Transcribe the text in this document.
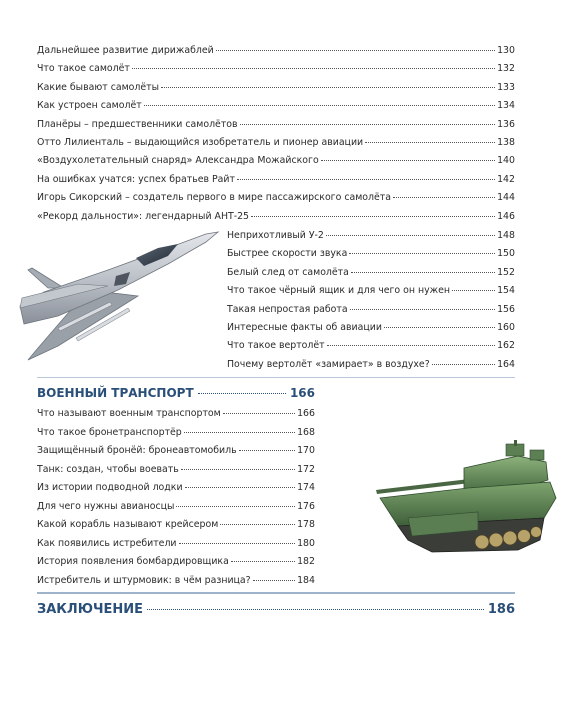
Дальнейшее развитие дирижаблей	130
Что такое самолёт	132
Какие бывают самолёты	133
Как устроен самолёт	134
Планёры – предшественники самолётов	136
Отто Лилиенталь – выдающийся изобретатель и пионер авиации	138
«Воздухолетательный снаряд» Александра Можайского	140
На ошибках учатся: успех братьев Райт	142
Игорь Сикорский – создатель первого в мире пассажирского самолёта	144
«Рекорд дальности»: легендарный АНТ-25	146
Неприхотливый У-2	148
Быстрее скорости звука	150
Белый след от самолёта	152
Что такое чёрный ящик и для чего он нужен	154
Такая непростая работа	156
Интересные факты об авиации	160
Что такое вертолёт	162
Почему вертолёт «замирает» в воздухе?	164
ВОЕННЫЙ ТРАНСПОРТ	166
Что называют военным транспортом	166
Что такое бронетранспортёр	168
Защищённый бронёй: бронеавтомобиль	170
Танк: создан, чтобы воевать	172
Из истории подводной лодки	174
Для чего нужны авианосцы	176
Какой корабль называют крейсером	178
Как появились истребители	180
История появления бомбардировщика	182
Истребитель и штурмовик: в чём разница?	184
ЗАКЛЮЧЕНИЕ	186
